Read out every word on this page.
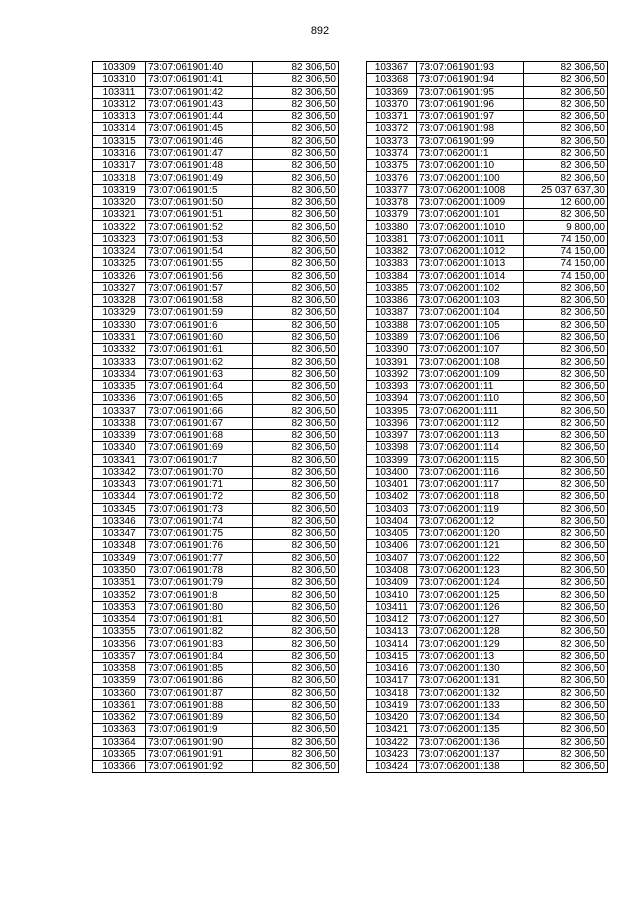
892
103309	73:07:061901:40	82 306,50
103310	73:07:061901:41	82 306,50
103311	73:07:061901:42	82 306,50
103312	73:07:061901:43	82 306,50
103313	73:07:061901:44	82 306,50
103314	73:07:061901:45	82 306,50
103315	73:07:061901:46	82 306,50
103316	73:07:061901:47	82 306,50
103317	73:07:061901:48	82 306,50
103318	73:07:061901:49	82 306,50
103319	73:07:061901:5	82 306,50
103320	73:07:061901:50	82 306,50
103321	73:07:061901:51	82 306,50
103322	73:07:061901:52	82 306,50
103323	73:07:061901:53	82 306,50
103324	73:07:061901:54	82 306,50
103325	73:07:061901:55	82 306,50
103326	73:07:061901:56	82 306,50
103327	73:07:061901:57	82 306,50
103328	73:07:061901:58	82 306,50
103329	73:07:061901:59	82 306,50
103330	73:07:061901:6	82 306,50
103331	73:07:061901:60	82 306,50
103332	73:07:061901:61	82 306,50
103333	73:07:061901:62	82 306,50
103334	73:07:061901:63	82 306,50
103335	73:07:061901:64	82 306,50
103336	73:07:061901:65	82 306,50
103337	73:07:061901:66	82 306,50
103338	73:07:061901:67	82 306,50
103339	73:07:061901:68	82 306,50
103340	73:07:061901:69	82 306,50
103341	73:07:061901:7	82 306,50
103342	73:07:061901:70	82 306,50
103343	73:07:061901:71	82 306,50
103344	73:07:061901:72	82 306,50
103345	73:07:061901:73	82 306,50
103346	73:07:061901:74	82 306,50
103347	73:07:061901:75	82 306,50
103348	73:07:061901:76	82 306,50
103349	73:07:061901:77	82 306,50
103350	73:07:061901:78	82 306,50
103351	73:07:061901:79	82 306,50
103352	73:07:061901:8	82 306,50
103353	73:07:061901:80	82 306,50
103354	73:07:061901:81	82 306,50
103355	73:07:061901:82	82 306,50
103356	73:07:061901:83	82 306,50
103357	73:07:061901:84	82 306,50
103358	73:07:061901:85	82 306,50
103359	73:07:061901:86	82 306,50
103360	73:07:061901:87	82 306,50
103361	73:07:061901:88	82 306,50
103362	73:07:061901:89	82 306,50
103363	73:07:061901:9	82 306,50
103364	73:07:061901:90	82 306,50
103365	73:07:061901:91	82 306,50
103366	73:07:061901:92	82 306,50
103367	73:07:061901:93	82 306,50
103368	73:07:061901:94	82 306,50
103369	73:07:061901:95	82 306,50
103370	73:07:061901:96	82 306,50
103371	73:07:061901:97	82 306,50
103372	73:07:061901:98	82 306,50
103373	73:07:061901:99	82 306,50
103374	73:07:062001:1	82 306,50
103375	73:07:062001:10	82 306,50
103376	73:07:062001:100	82 306,50
103377	73:07:062001:1008	25 037 637,30
103378	73:07:062001:1009	12 600,00
103379	73:07:062001:101	82 306,50
103380	73:07:062001:1010	9 800,00
103381	73:07:062001:1011	74 150,00
103382	73:07:062001:1012	74 150,00
103383	73:07:062001:1013	74 150,00
103384	73:07:062001:1014	74 150,00
103385	73:07:062001:102	82 306,50
103386	73:07:062001:103	82 306,50
103387	73:07:062001:104	82 306,50
103388	73:07:062001:105	82 306,50
103389	73:07:062001:106	82 306,50
103390	73:07:062001:107	82 306,50
103391	73:07:062001:108	82 306,50
103392	73:07:062001:109	82 306,50
103393	73:07:062001:11	82 306,50
103394	73:07:062001:110	82 306,50
103395	73:07:062001:111	82 306,50
103396	73:07:062001:112	82 306,50
103397	73:07:062001:113	82 306,50
103398	73:07:062001:114	82 306,50
103399	73:07:062001:115	82 306,50
103400	73:07:062001:116	82 306,50
103401	73:07:062001:117	82 306,50
103402	73:07:062001:118	82 306,50
103403	73:07:062001:119	82 306,50
103404	73:07:062001:12	82 306,50
103405	73:07:062001:120	82 306,50
103406	73:07:062001:121	82 306,50
103407	73:07:062001:122	82 306,50
103408	73:07:062001:123	82 306,50
103409	73:07:062001:124	82 306,50
103410	73:07:062001:125	82 306,50
103411	73:07:062001:126	82 306,50
103412	73:07:062001:127	82 306,50
103413	73:07:062001:128	82 306,50
103414	73:07:062001:129	82 306,50
103415	73:07:062001:13	82 306,50
103416	73:07:062001:130	82 306,50
103417	73:07:062001:131	82 306,50
103418	73:07:062001:132	82 306,50
103419	73:07:062001:133	82 306,50
103420	73:07:062001:134	82 306,50
103421	73:07:062001:135	82 306,50
103422	73:07:062001:136	82 306,50
103423	73:07:062001:137	82 306,50
103424	73:07:062001:138	82 306,50
